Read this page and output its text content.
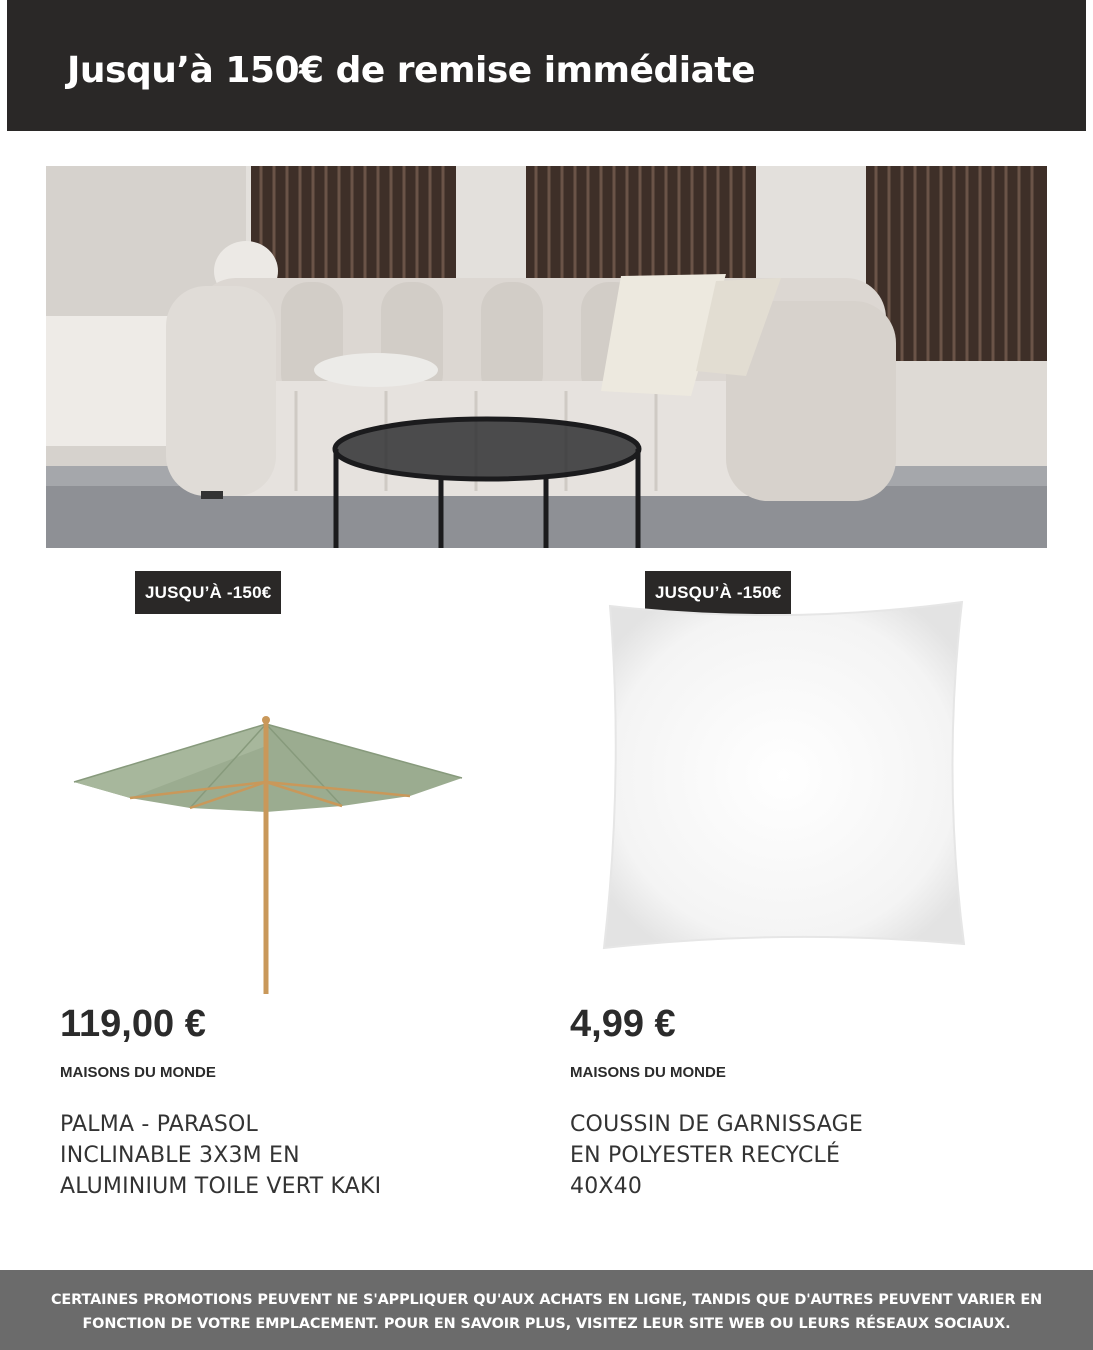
Jusqu’à 150€ de remise immédiate
JUSQU’À -150€
119,00 €
MAISONS DU MONDE
PALMA - PARASOL INCLINABLE 3X3M EN ALUMINIUM TOILE VERT KAKI
JUSQU’À -150€
4,99 €
MAISONS DU MONDE
COUSSIN DE GARNISSAGE EN POLYESTER RECYCLÉ 40X40

CERTAINES PROMOTIONS PEUVENT NE S'APPLIQUER QU'AUX ACHATS EN LIGNE, TANDIS QUE D'AUTRES PEUVENT VARIER EN FONCTION DE VOTRE EMPLACEMENT. POUR EN SAVOIR PLUS, VISITEZ LEUR SITE WEB OU LEURS RÉSEAUX SOCIAUX.
